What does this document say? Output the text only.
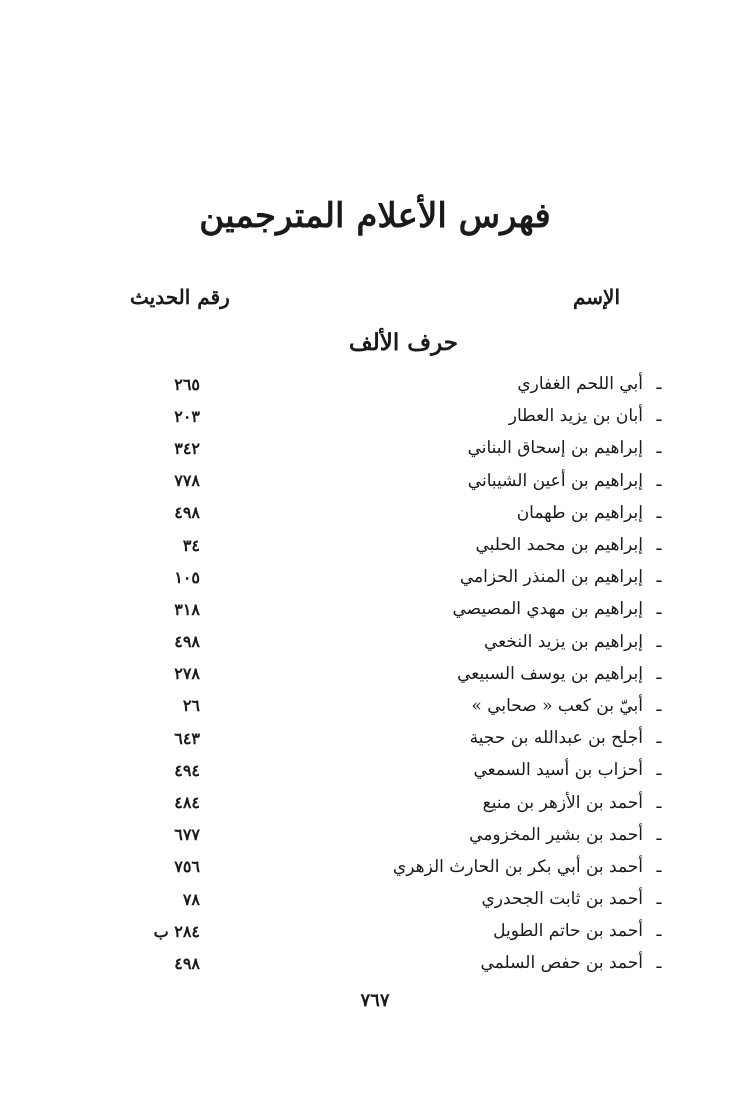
فهرس الأعلام المترجمين
الإسم
رقم الحديث
حرف الألف
ـ
أبي اللحم الغفاري
٢٦٥
ـ
أبان بن يزيد العطار
٢٠٣
ـ
إبراهيم بن إسحاق البناني
٣٤٢
ـ
إبراهيم بن أعين الشيباني
٧٧٨
ـ
إبراهيم بن طهمان
٤٩٨
ـ
إبراهيم بن محمد الحلبي
٣٤
ـ
إبراهيم بن المنذر الحزامي
١٠٥
ـ
إبراهيم بن مهدي المصيصي
٣١٨
ـ
إبراهيم بن يزيد النخعي
٤٩٨
ـ
إبراهيم بن يوسف السبيعي
٢٧٨
ـ
أبيّ بن كعب « صحابي »
٢٦
ـ
أجلح بن عبدالله بن حجية
٦٤٣
ـ
أحزاب بن أسيد السمعي
٤٩٤
ـ
أحمد بن الأزهر بن منيع
٤٨٤
ـ
أحمد بن بشير المخزومي
٦٧٧
ـ
أحمد بن أبي بكر بن الحارث الزهري
٧٥٦
ـ
أحمد بن ثابت الجحدري
٧٨
ـ
أحمد بن حاتم الطويل
٢٨٤ ب
ـ
أحمد بن حفص السلمي
٤٩٨
٧٦٧
